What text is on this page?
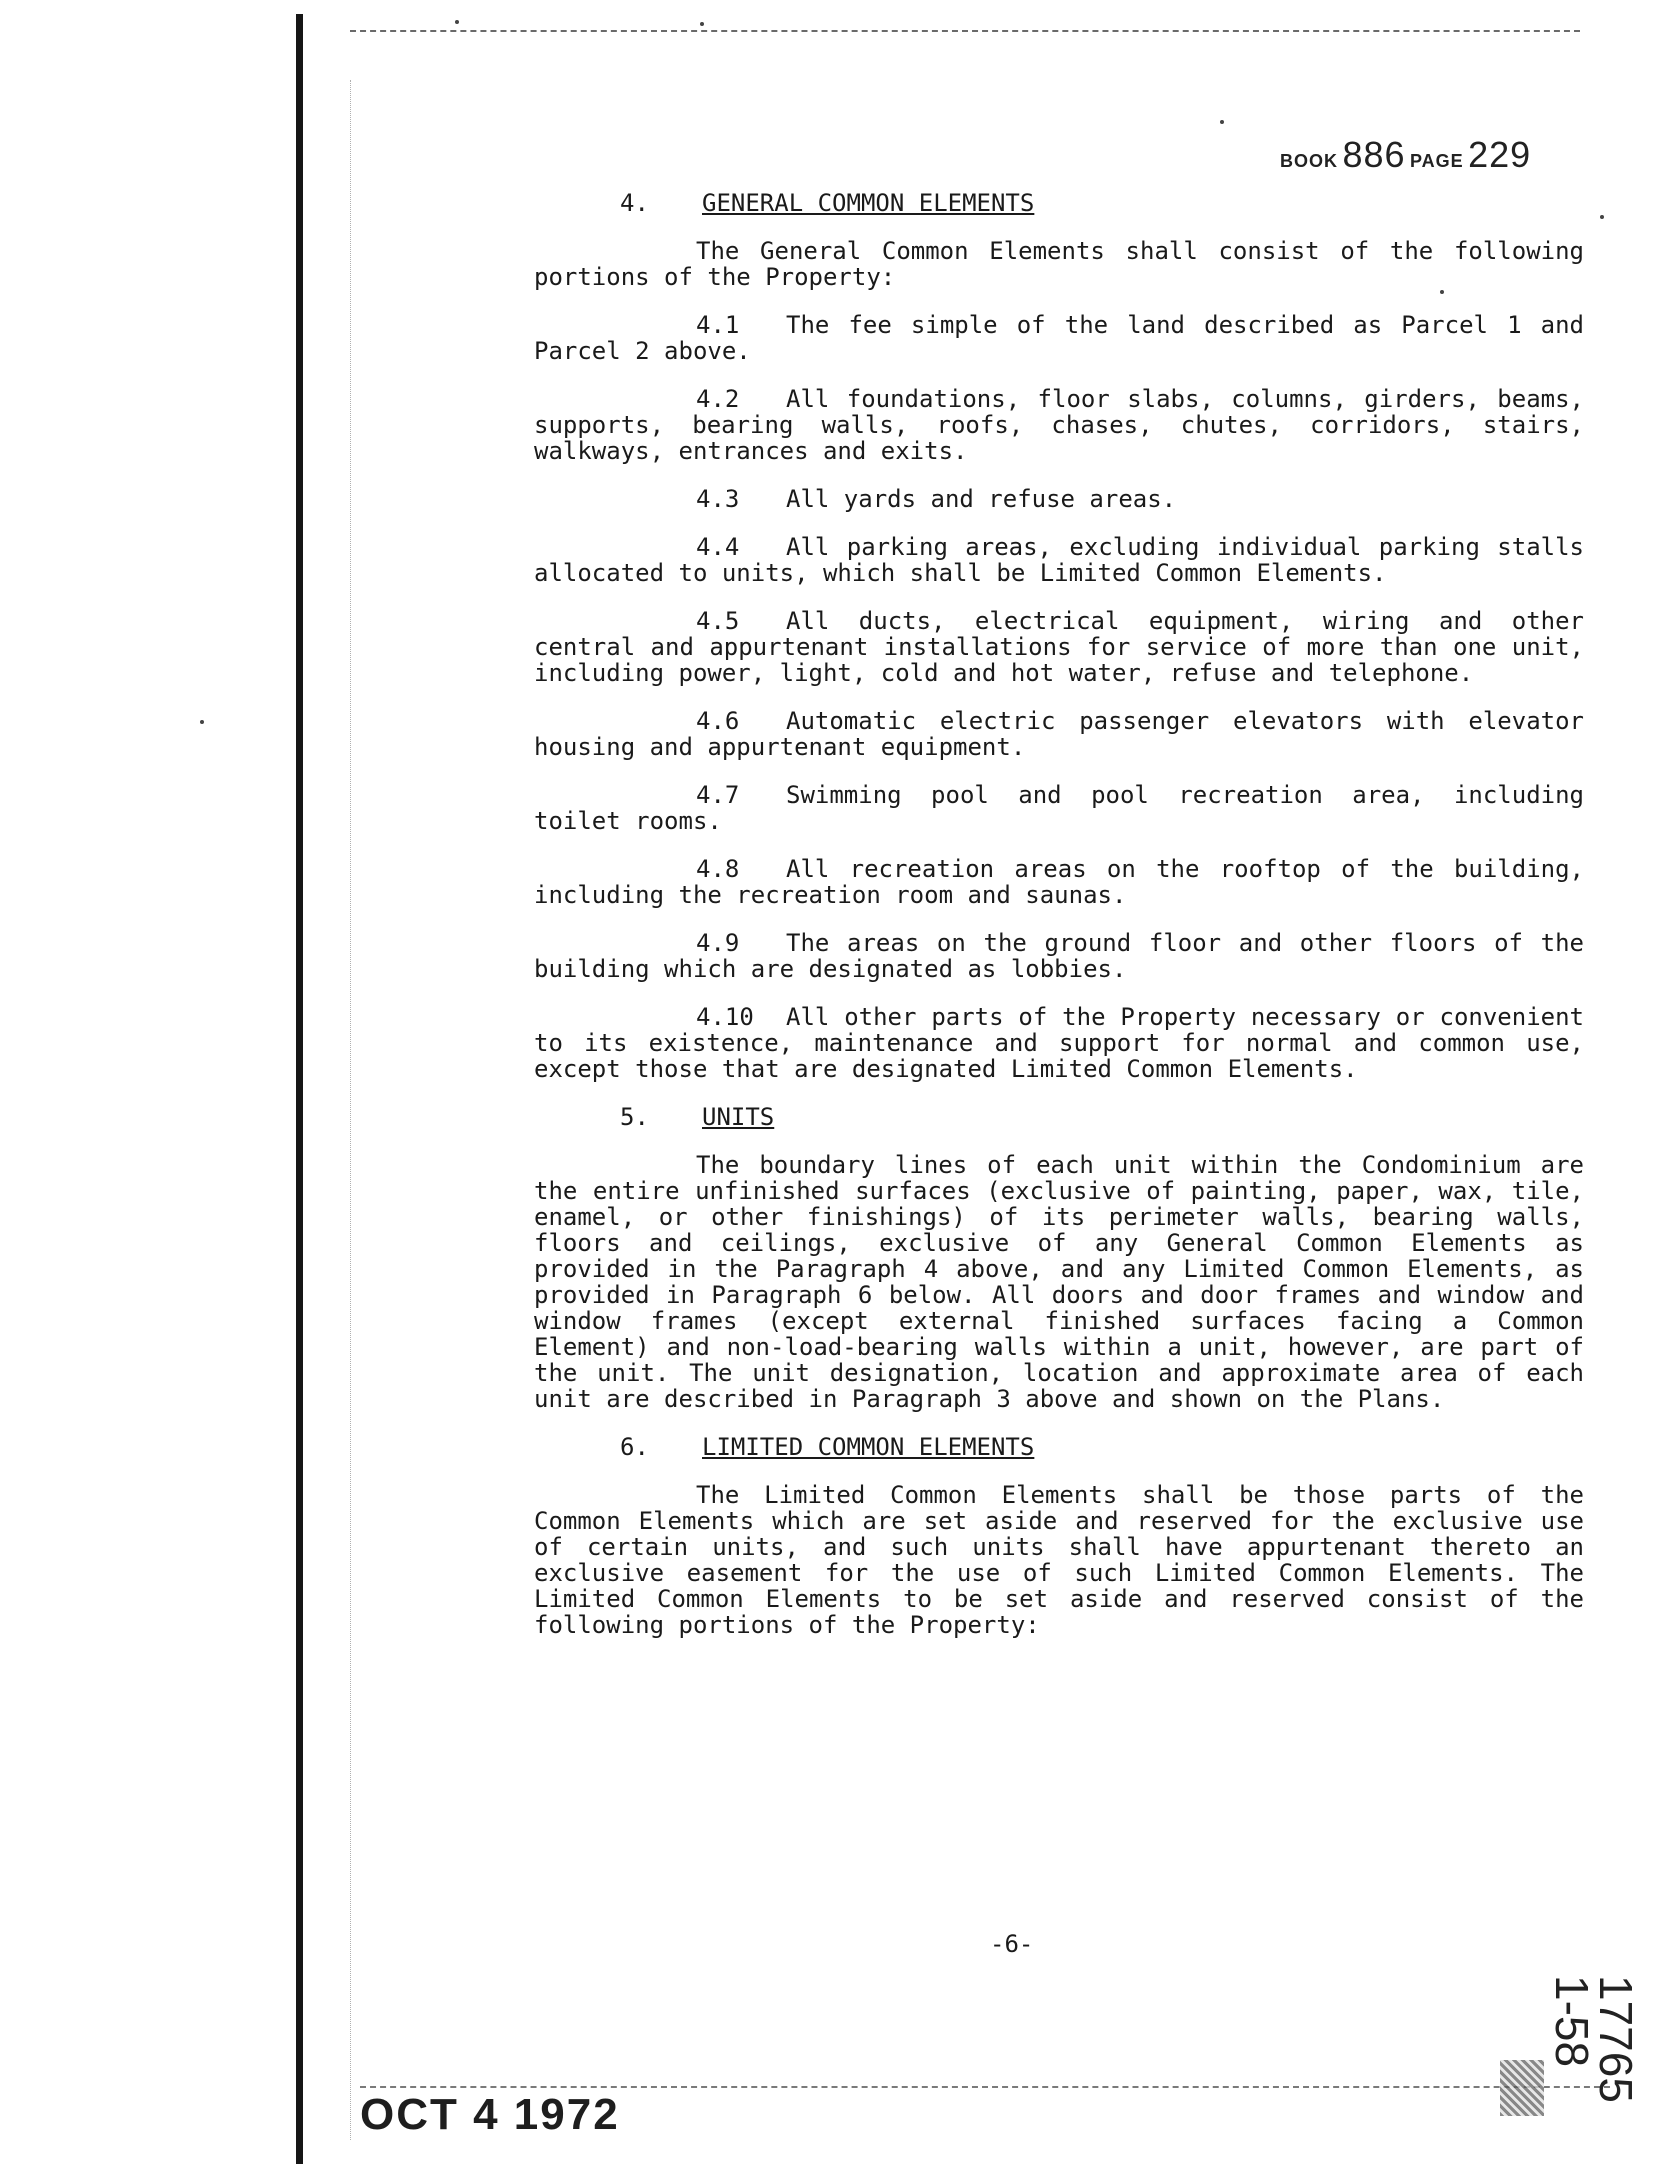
BOOK 886 PAGE 229
4. GENERAL COMMON ELEMENTS
The General Common Elements shall consist of the following portions of the Property:
4.1 The fee simple of the land described as Parcel 1 and Parcel 2 above.
4.2 All foundations, floor slabs, columns, girders, beams, supports, bearing walls, roofs, chases, chutes, corridors, stairs, walkways, entrances and exits.
4.3 All yards and refuse areas.
4.4 All parking areas, excluding individual parking stalls allocated to units, which shall be Limited Common Elements.
4.5 All ducts, electrical equipment, wiring and other central and appurtenant installations for service of more than one unit, including power, light, cold and hot water, refuse and telephone.
4.6 Automatic electric passenger elevators with elevator housing and appurtenant equipment.
4.7 Swimming pool and pool recreation area, including toilet rooms.
4.8 All recreation areas on the rooftop of the building, including the recreation room and saunas.
4.9 The areas on the ground floor and other floors of the building which are designated as lobbies.
4.10 All other parts of the Property necessary or convenient to its existence, maintenance and support for normal and common use, except those that are designated Limited Common Elements.
5. UNITS
The boundary lines of each unit within the Condominium are the entire unfinished surfaces (exclusive of painting, paper, wax, tile, enamel, or other finishings) of its perimeter walls, bearing walls, floors and ceilings, exclusive of any General Common Elements as provided in the Paragraph 4 above, and any Limited Common Elements, as provided in Paragraph 6 below. All doors and door frames and window and window frames (except external finished surfaces facing a Common Element) and non-load-bearing walls within a unit, however, are part of the unit. The unit designation, location and approximate area of each unit are described in Paragraph 3 above and shown on the Plans.
6. LIMITED COMMON ELEMENTS
The Limited Common Elements shall be those parts of the Common Elements which are set aside and reserved for the exclusive use of certain units, and such units shall have appurtenant thereto an exclusive easement for the use of such Limited Common Elements. The Limited Common Elements to be set aside and reserved consist of the following portions of the Property:
-6-
OCT 4 1972
17765
1-58
